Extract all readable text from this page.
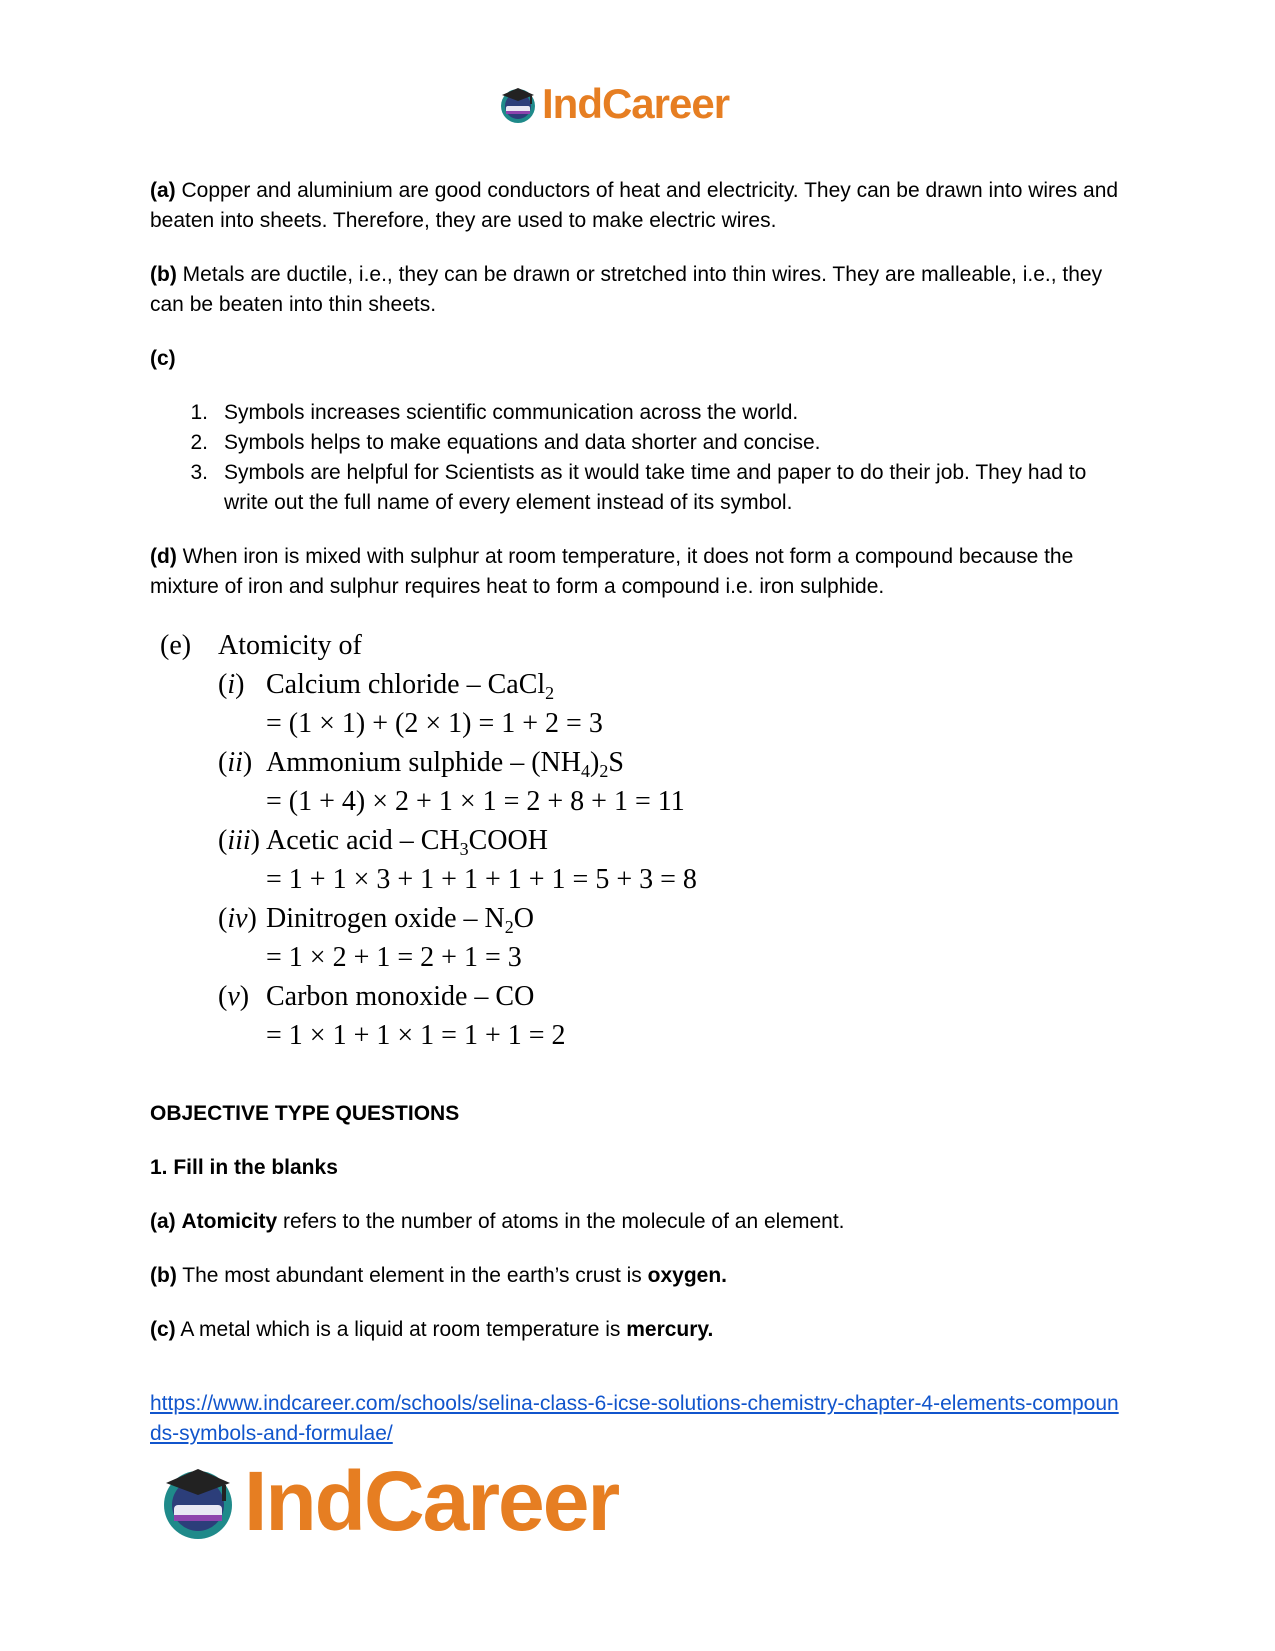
IndCareer

(a) Copper and aluminium are good conductors of heat and electricity. They can be drawn into wires and beaten into sheets. Therefore, they are used to make electric wires.

(b) Metals are ductile, i.e., they can be drawn or stretched into thin wires. They are malleable, i.e., they can be beaten into thin sheets.

(c)

1. Symbols increases scientific communication across the world.
2. Symbols helps to make equations and data shorter and concise.
3. Symbols are helpful for Scientists as it would take time and paper to do their job. They had to write out the full name of every element instead of its symbol.

(d) When iron is mixed with sulphur at room temperature, it does not form a compound because the mixture of iron and sulphur requires heat to form a compound i.e. iron sulphide.

(e) Atomicity of
(i) Calcium chloride – CaCl$_2$
= (1 × 1) + (2 × 1) = 1 + 2 = 3
(ii) Ammonium sulphide – $(NH_4)_2S$
= (1 + 4) × 2 + 1 × 1 = 2 + 8 + 1 = 11
(iii) Acetic acid – $CH_3COOH$
= 1 + 1 × 3 + 1 + 1 + 1 + 1 = 5 + 3 = 8
(iv) Dinitrogen oxide – $N_2O$
= 1 × 2 + 1 = 2 + 1 = 3
(v) Carbon monoxide – CO
= 1 × 1 + 1 × 1 = 1 + 1 = 2

OBJECTIVE TYPE QUESTIONS

1. Fill in the blanks

(a) Atomicity refers to the number of atoms in the molecule of an element.

(b) The most abundant element in the earth’s crust is oxygen.

(c) A metal which is a liquid at room temperature is mercury.

https://www.indcareer.com/schools/selina-class-6-icse-solutions-chemistry-chapter-4-elements-compounds-symbols-and-formulae/

IndCareer
